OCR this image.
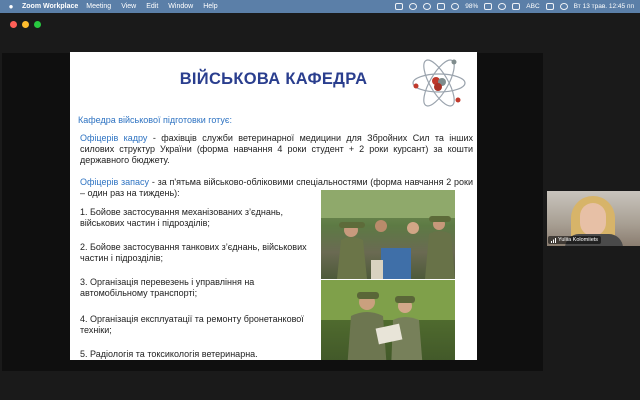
●	Zoom Workplace Meeting View Edit Window Help	98%	ABC	Вт 13 трав. 12:45 пп
ВІЙСЬКОВА КАФЕДРА
Кафедра військової підготовки готує:
Офіцерів кадру - фахівців служби ветеринарної медицини для Збройних Сил та інших силових структур України (форма навчання 4 роки студент + 2 роки курсант) за кошти державного бюджету.
Офіцерів запасу - за п'ятьма військово-обліковими спеціальностями (форма навчання 2 роки – один раз на тиждень):
1. Бойове застосування механізованих з’єднань, військових частин і підрозділів;
2. Бойове застосування танкових з’єднань, військових частин і підрозділів;
3. Організація перевезень і управління на автомобільному транспорті;
4. Організація експлуатації та ремонту бронетанкової техніки;
5. Радіологія та токсикологія ветеринарна.
Yuliia Kolomiiets
